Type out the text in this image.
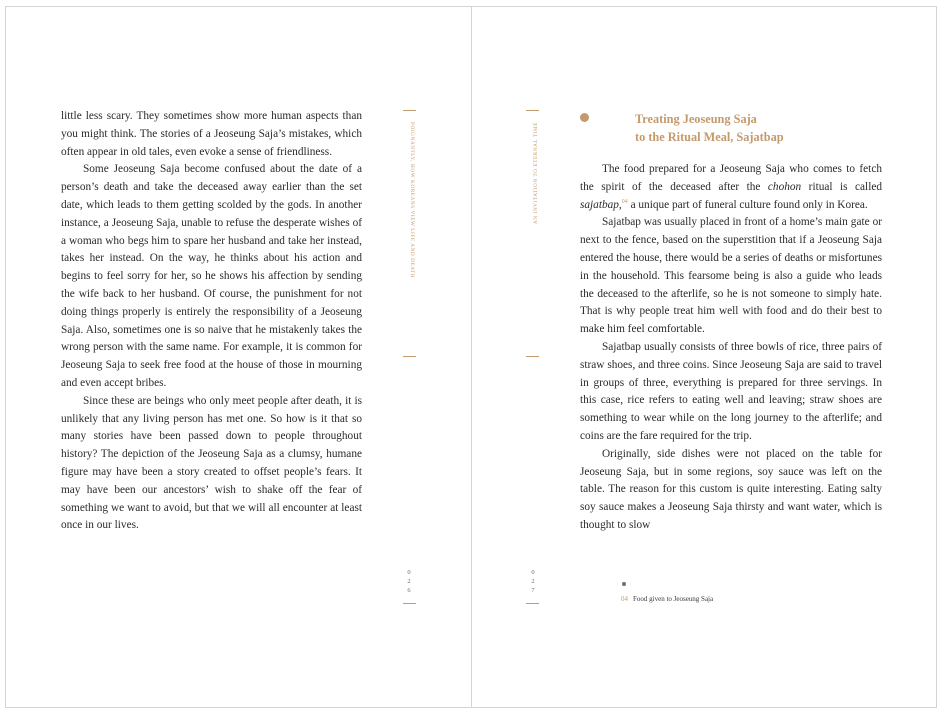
little less scary. They sometimes show more human aspects than you might think. The stories of a Jeoseung Saja’s mistakes, which often appear in old tales, even evoke a sense of friendliness.

Some Jeoseung Saja become confused about the date of a person’s death and take the deceased away earlier than the set date, which leads to them getting scolded by the gods. In another instance, a Jeoseung Saja, unable to refuse the desperate wishes of a woman who begs him to spare her husband and take her instead, takes her instead. On the way, he thinks about his action and begins to feel sorry for her, so he shows his affection by sending the wife back to her husband. Of course, the punishment for not doing things properly is entirely the responsibility of a Jeoseung Saja. Also, sometimes one is so naive that he mistakenly takes the wrong person with the same name. For example, it is common for Jeoseung Saja to seek free food at the house of those in mourning and even accept bribes.

Since these are beings who only meet people after death, it is unlikely that any living person has met one. So how is it that so many stories have been passed down to people throughout history? The depiction of the Jeoseung Saja as a clumsy, humane figure may have been a story created to offset people’s fears. It may have been our ancestors’ wish to shake off the fear of something we want to avoid, but that we will all encounter at least once in our lives.

POIGNANTLY, HOW KOREANS VIEW LIFE AND DEATH
0
2
6
AN INVITATION TO ETERNAL TIME
0
2
7
Treating Jeoseung Saja
to the Ritual Meal, Sajatbap

The food prepared for a Jeoseung Saja who comes to fetch the spirit of the deceased after the chohon ritual is called sajatbap,$^{04}$ a unique part of funeral culture found only in Korea.

Sajatbap was usually placed in front of a home’s main gate or next to the fence, based on the superstition that if a Jeoseung Saja entered the house, there would be a series of deaths or misfortunes in the household. This fearsome being is also a guide who leads the deceased to the afterlife, so he is not someone to simply hate. That is why people treat him well with food and do their best to make him feel comfortable.

Sajatbap usually consists of three bowls of rice, three pairs of straw shoes, and three coins. Since Jeoseung Saja are said to travel in groups of three, everything is prepared for three servings. In this case, rice refers to eating well and leaving; straw shoes are something to wear while on the long journey to the afterlife; and coins are the fare required for the trip.

Originally, side dishes were not placed on the table for Jeoseung Saja, but in some regions, soy sauce was left on the table. The reason for this custom is quite interesting. Eating salty soy sauce makes a Jeoseung Saja thirsty and want water, which is thought to slow

04 Food given to Jeoseung Saja
